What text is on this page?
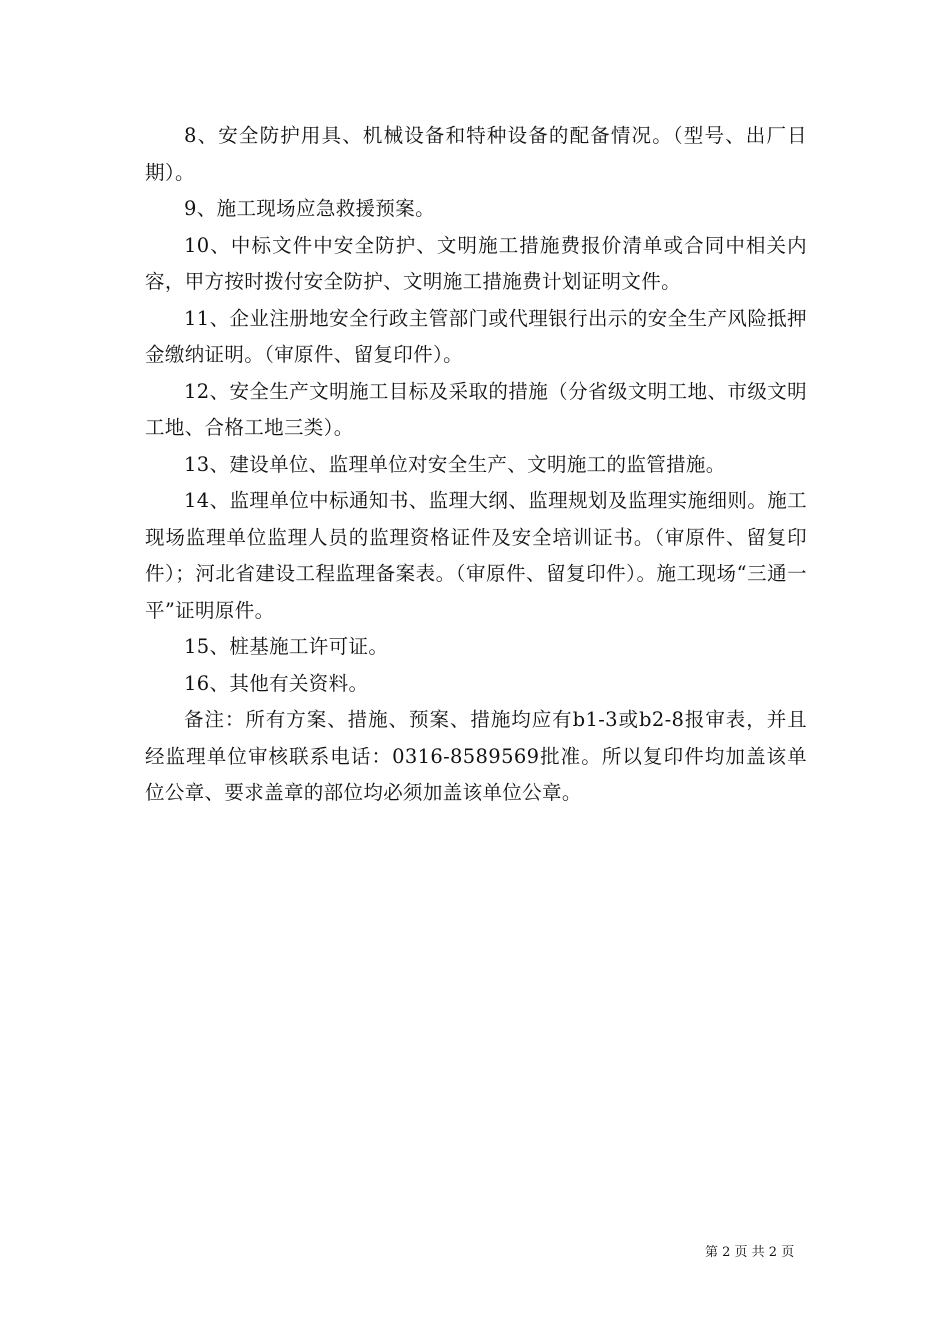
8、安全防护用具、机械设备和特种设备的配备情况。（型号、出厂日期）。

9、施工现场应急救援预案。

10、中标文件中安全防护、文明施工措施费报价清单或合同中相关内容，甲方按时拨付安全防护、文明施工措施费计划证明文件。

11、企业注册地安全行政主管部门或代理银行出示的安全生产风险抵押金缴纳证明。（审原件、留复印件）。

12、安全生产文明施工目标及采取的措施（分省级文明工地、市级文明工地、合格工地三类）。

13、建设单位、监理单位对安全生产、文明施工的监管措施。

14、监理单位中标通知书、监理大纲、监理规划及监理实施细则。施工现场监理单位监理人员的监理资格证件及安全培训证书。（审原件、留复印件）；河北省建设工程监理备案表。（审原件、留复印件）。施工现场“三通一平”证明原件。

15、桩基施工许可证。

16、其他有关资料。

备注：所有方案、措施、预案、措施均应有b1-3或b2-8报审表，并且经监理单位审核联系电话：0316-8589569批准。所以复印件均加盖该单位公章、要求盖章的部位均必须加盖该单位公章。

第 2 页 共 2 页
